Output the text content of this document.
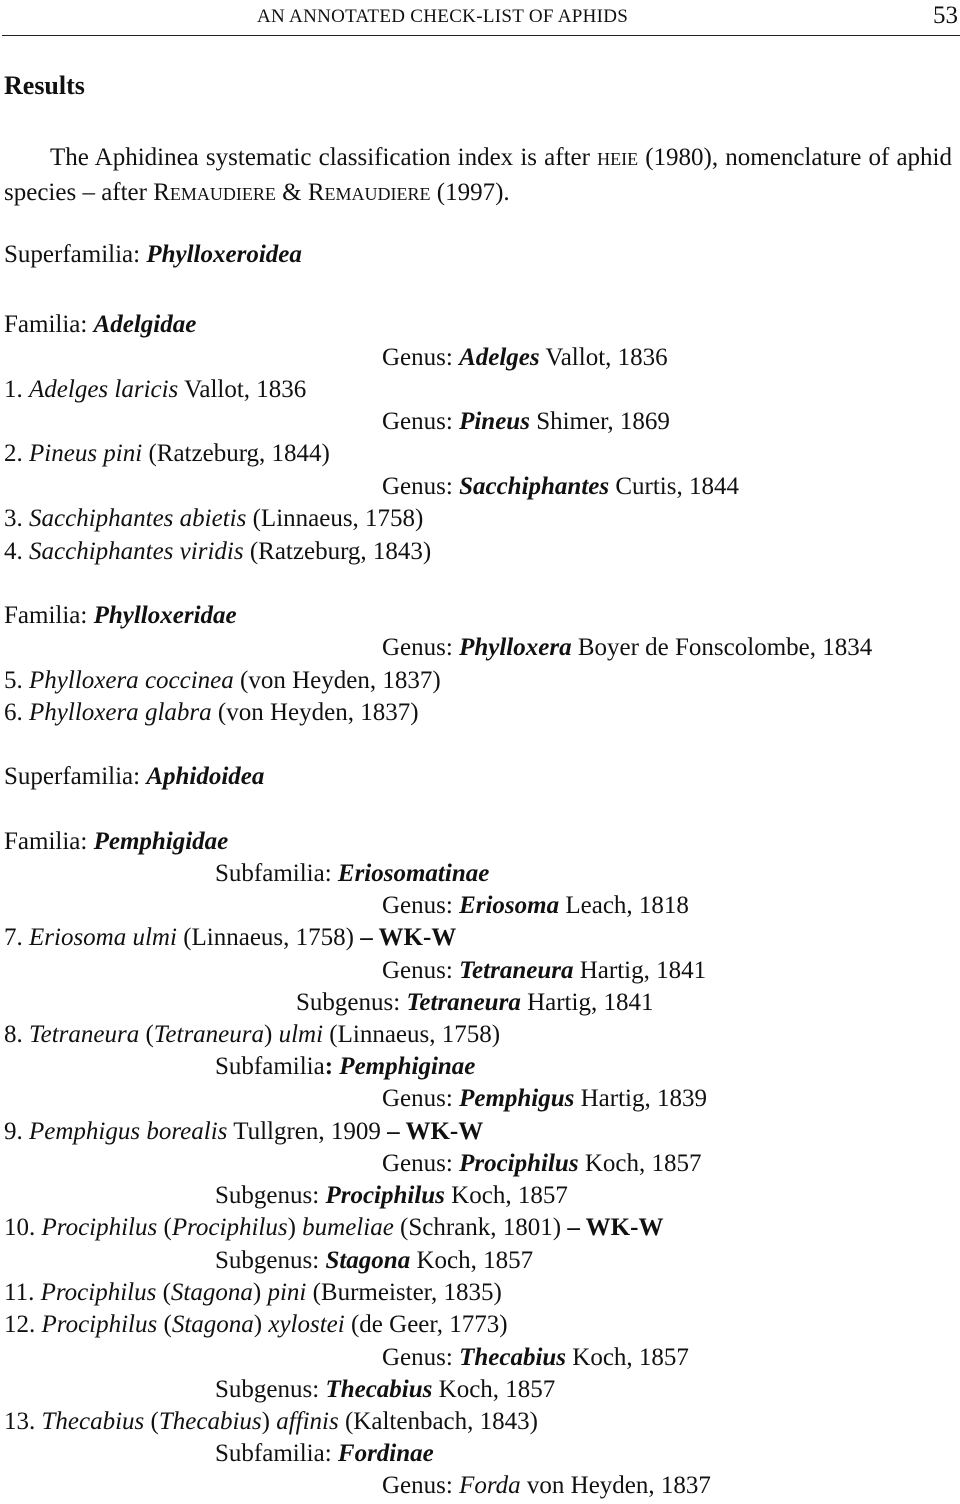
AN ANNOTATED CHECK-LIST OF APHIDS	53
Results
The Aphidinea systematic classification index is after HEIE (1980), nomenclature of aphid species – after REMAUDIERE & REMAUDIERE (1997).
Superfamilia: Phylloxeroidea
Familia: Adelgidae
Genus: Adelges Vallot, 1836
1. Adelges laricis Vallot, 1836
Genus: Pineus Shimer, 1869
2. Pineus pini (Ratzeburg, 1844)
Genus: Sacchiphantes Curtis, 1844
3. Sacchiphantes abietis (Linnaeus, 1758)
4. Sacchiphantes viridis (Ratzeburg, 1843)
Familia: Phylloxeridae
Genus: Phylloxera Boyer de Fonscolombe, 1834
5. Phylloxera coccinea (von Heyden, 1837)
6. Phylloxera glabra (von Heyden, 1837)
Superfamilia: Aphidoidea
Familia: Pemphigidae
Subfamilia: Eriosomatinae
Genus: Eriosoma Leach, 1818
7. Eriosoma ulmi (Linnaeus, 1758) – WK-W
Genus: Tetraneura Hartig, 1841
Subgenus: Tetraneura Hartig, 1841
8. Tetraneura (Tetraneura) ulmi (Linnaeus, 1758)
Subfamilia: Pemphiginae
Genus: Pemphigus Hartig, 1839
9. Pemphigus borealis Tullgren, 1909 – WK-W
Genus: Prociphilus Koch, 1857
Subgenus: Prociphilus Koch, 1857
10. Prociphilus (Prociphilus) bumeliae (Schrank, 1801) – WK-W
Subgenus: Stagona Koch, 1857
11. Prociphilus (Stagona) pini (Burmeister, 1835)
12. Prociphilus (Stagona) xylostei (de Geer, 1773)
Genus: Thecabius Koch, 1857
Subgenus: Thecabius Koch, 1857
13. Thecabius (Thecabius) affinis (Kaltenbach, 1843)
Subfamilia: Fordinae
Genus: Forda von Heyden, 1837
